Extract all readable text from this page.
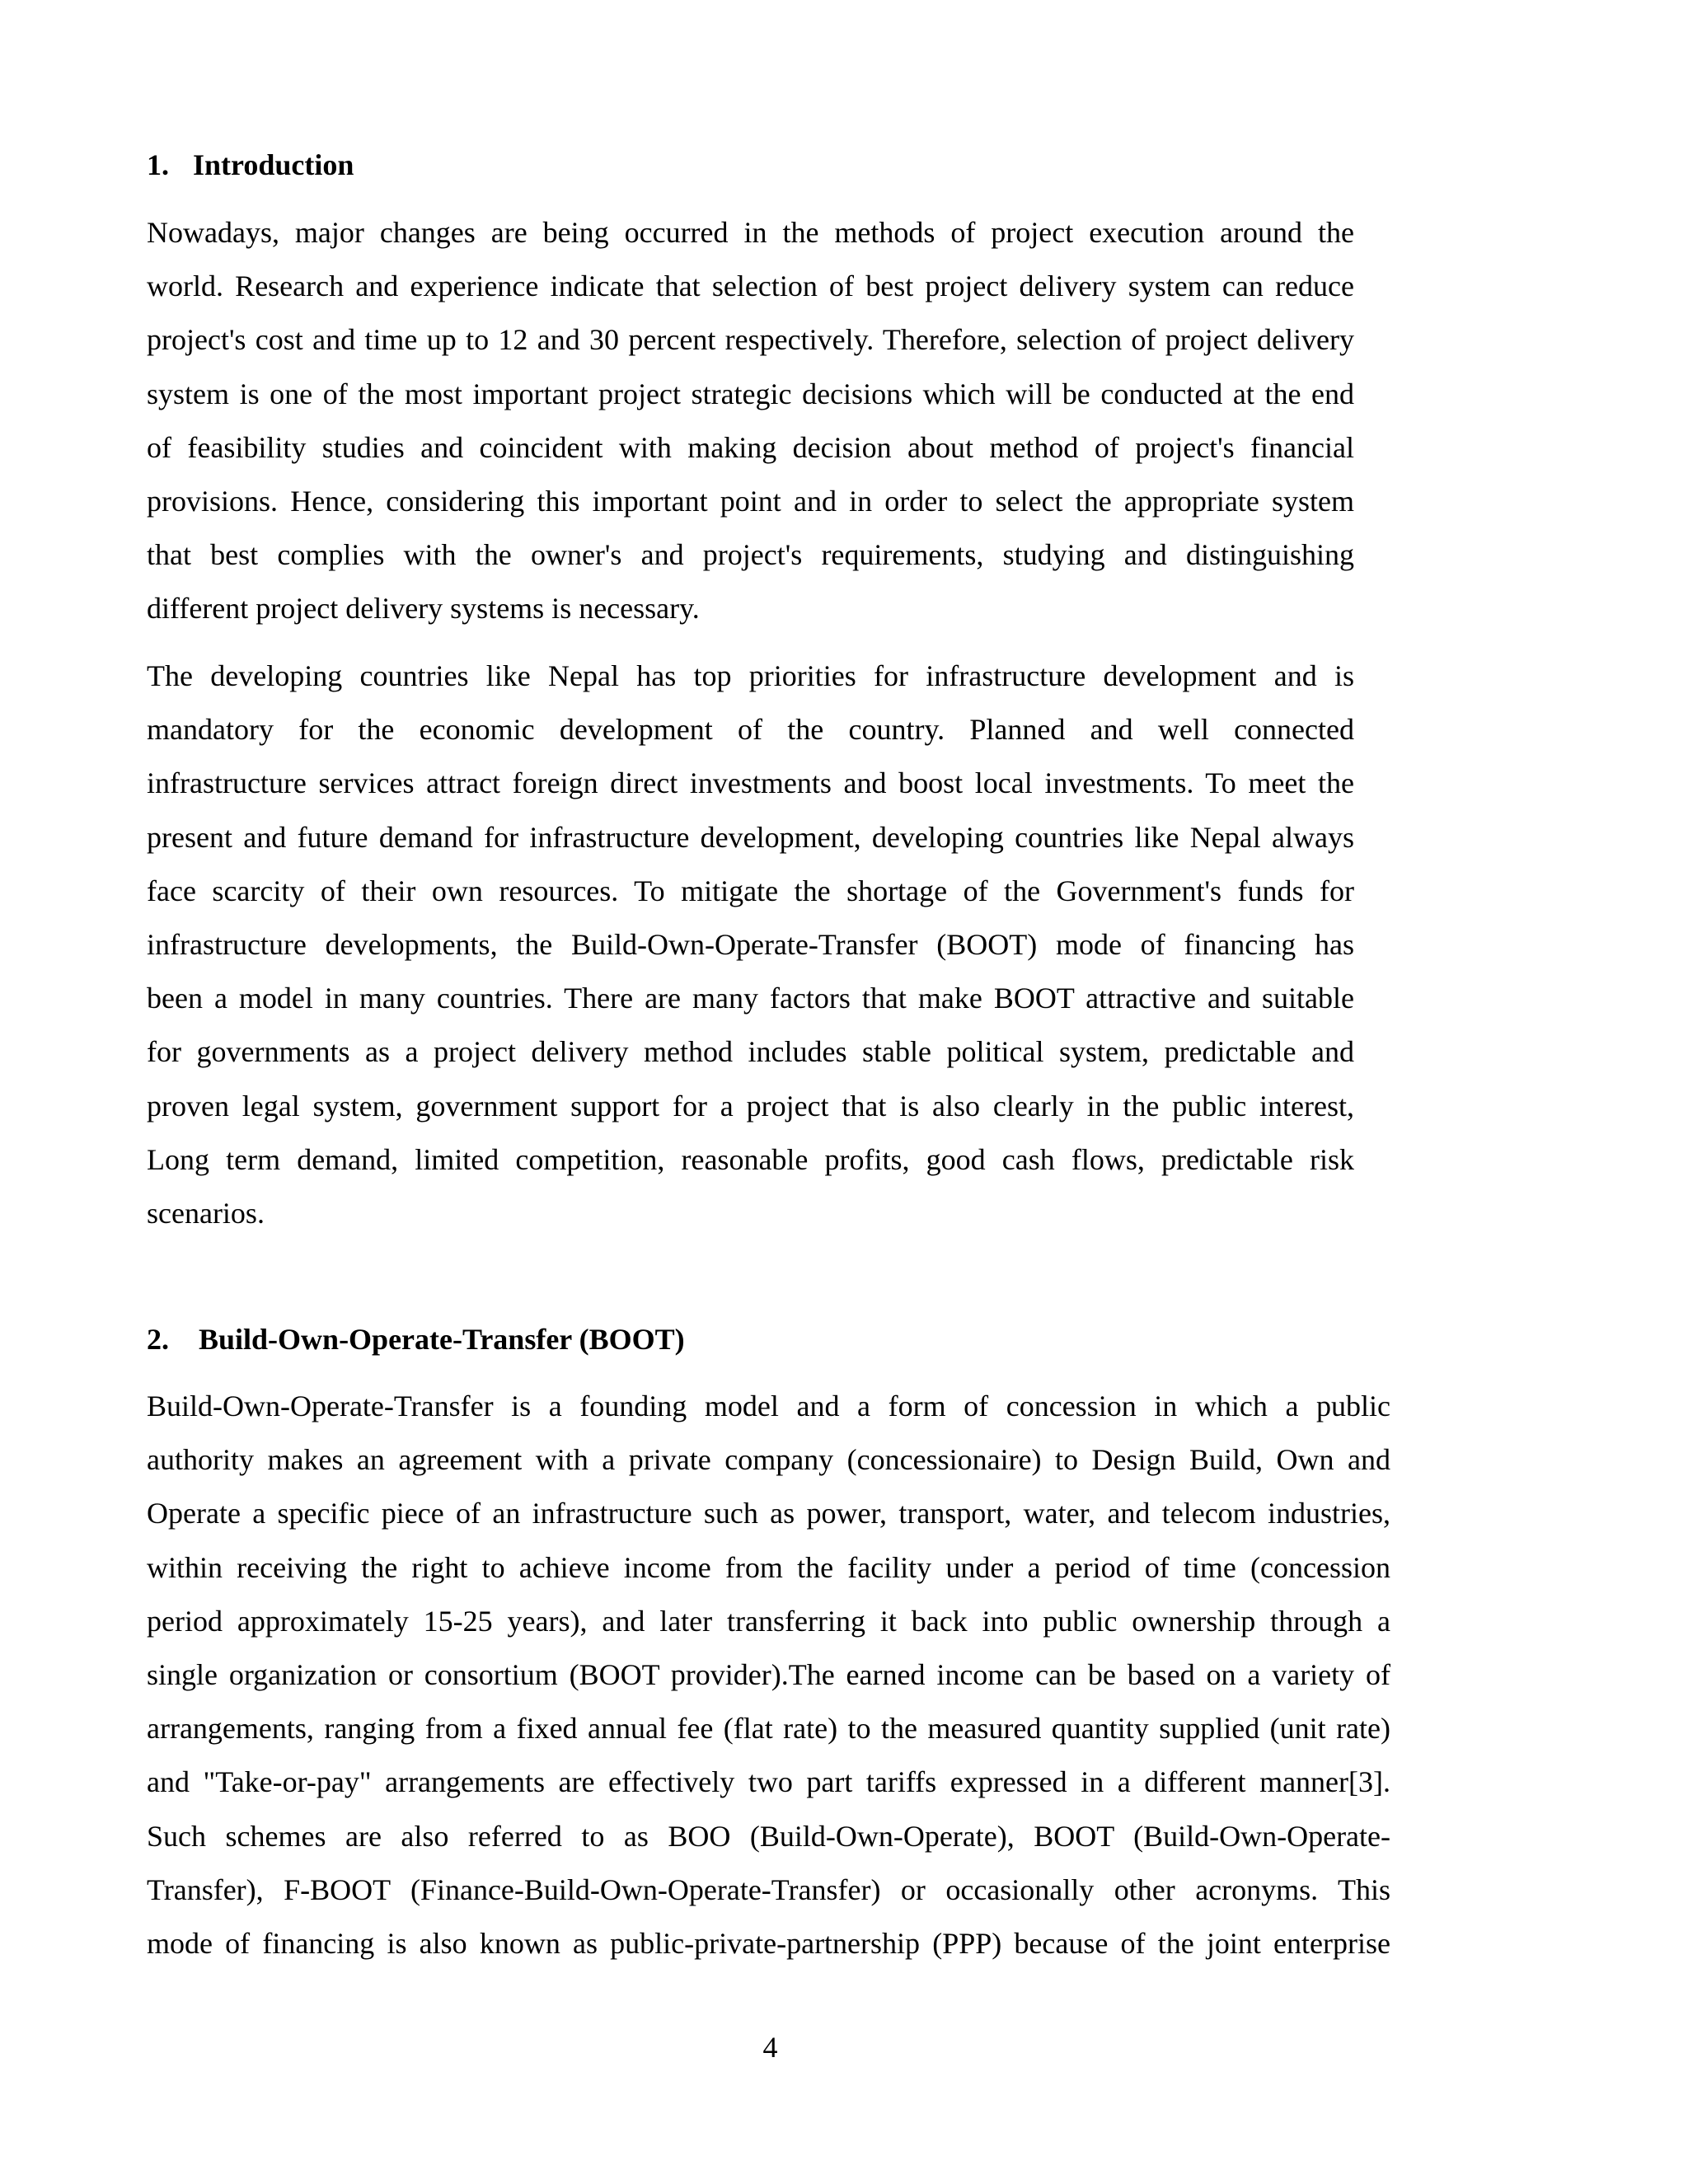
1. Introduction
Nowadays, major changes are being occurred in the methods of project execution around the
world. Research and experience indicate that selection of best project delivery system can reduce
project's cost and time up to 12 and 30 percent respectively. Therefore, selection of project delivery
system is one of the most important project strategic decisions which will be conducted at the end
of feasibility studies and coincident with making decision about method of project's financial
provisions. Hence, considering this important point and in order to select the appropriate system
that best complies with the owner's and project's requirements, studying and distinguishing
different project delivery systems is necessary.
The developing countries like Nepal has top priorities for infrastructure development and is
mandatory for the economic development of the country. Planned and well connected
infrastructure services attract foreign direct investments and boost local investments. To meet the
present and future demand for infrastructure development, developing countries like Nepal always
face scarcity of their own resources. To mitigate the shortage of the Government's funds for
infrastructure developments, the Build-Own-Operate-Transfer (BOOT) mode of financing has
been a model in many countries. There are many factors that make BOOT attractive and suitable
for governments as a project delivery method includes stable political system, predictable and
proven legal system, government support for a project that is also clearly in the public interest,
Long term demand, limited competition, reasonable profits, good cash flows, predictable risk
scenarios.
2. Build-Own-Operate-Transfer (BOOT)
Build-Own-Operate-Transfer is a founding model and a form of concession in which a public
authority makes an agreement with a private company (concessionaire) to Design Build, Own and
Operate a specific piece of an infrastructure such as power, transport, water, and telecom industries,
within receiving the right to achieve income from the facility under a period of time (concession
period approximately 15-25 years), and later transferring it back into public ownership through a
single organization or consortium (BOOT provider).The earned income can be based on a variety of
arrangements, ranging from a fixed annual fee (flat rate) to the measured quantity supplied (unit rate)
and "Take-or-pay" arrangements are effectively two part tariffs expressed in a different manner[3].
Such schemes are also referred to as BOO (Build-Own-Operate), BOOT (Build-Own-Operate-
Transfer), F-BOOT (Finance-Build-Own-Operate-Transfer) or occasionally other acronyms. This
mode of financing is also known as public-private-partnership (PPP) because of the joint enterprise
4
